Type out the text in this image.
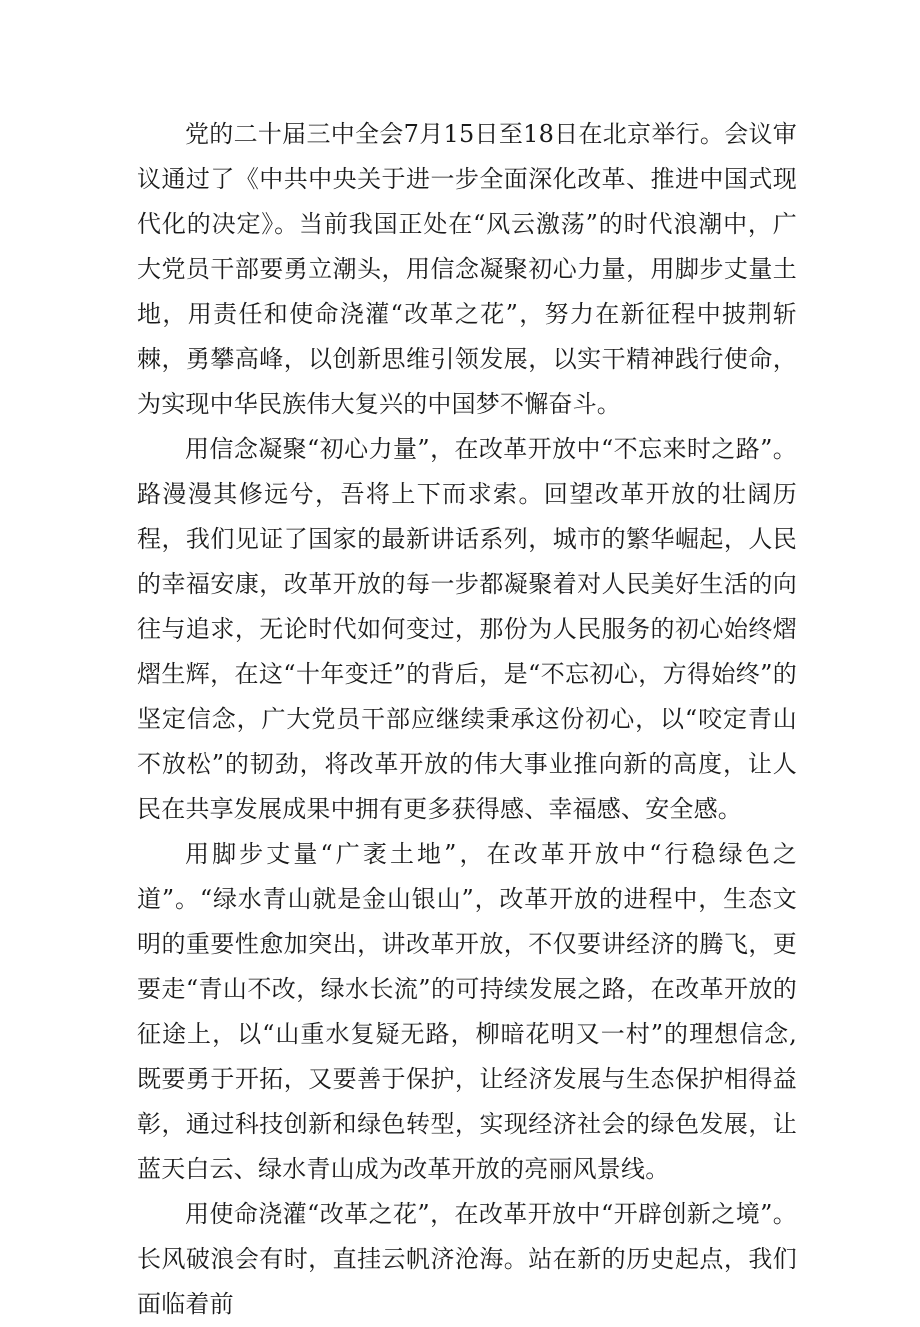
党的二十届三中全会7月15日至18日在北京举行。会议审议通过了《中共中央关于进一步全面深化改革、推进中国式现代化的决定》。当前我国正处在“风云激荡”的时代浪潮中，广大党员干部要勇立潮头，用信念凝聚初心力量，用脚步丈量土地，用责任和使命浇灌“改革之花”，努力在新征程中披荆斩棘，勇攀高峰，以创新思维引领发展，以实干精神践行使命，为实现中华民族伟大复兴的中国梦不懈奋斗。

用信念凝聚“初心力量”，在改革开放中“不忘来时之路”。路漫漫其修远兮，吾将上下而求索。回望改革开放的壮阔历程，我们见证了国家的最新讲话系列，城市的繁华崛起，人民的幸福安康，改革开放的每一步都凝聚着对人民美好生活的向往与追求，无论时代如何变过，那份为人民服务的初心始终熠熠生辉，在这“十年变迁”的背后，是“不忘初心，方得始终”的坚定信念，广大党员干部应继续秉承这份初心，以“咬定青山不放松”的韧劲，将改革开放的伟大事业推向新的高度，让人民在共享发展成果中拥有更多获得感、幸福感、安全感。

用脚步丈量“广袤土地”，在改革开放中“行稳绿色之道”。“绿水青山就是金山银山”，改革开放的进程中，生态文明的重要性愈加突出，讲改革开放，不仅要讲经济的腾飞，更要走“青山不改，绿水长流”的可持续发展之路，在改革开放的征途上，以“山重水复疑无路，柳暗花明又一村”的理想信念,既要勇于开拓，又要善于保护，让经济发展与生态保护相得益彰，通过科技创新和绿色转型，实现经济社会的绿色发展，让蓝天白云、绿水青山成为改革开放的亮丽风景线。

用使命浇灌“改革之花”，在改革开放中“开辟创新之境”。长风破浪会有时，直挂云帆济沧海。站在新的历史起点，我们面临着前
